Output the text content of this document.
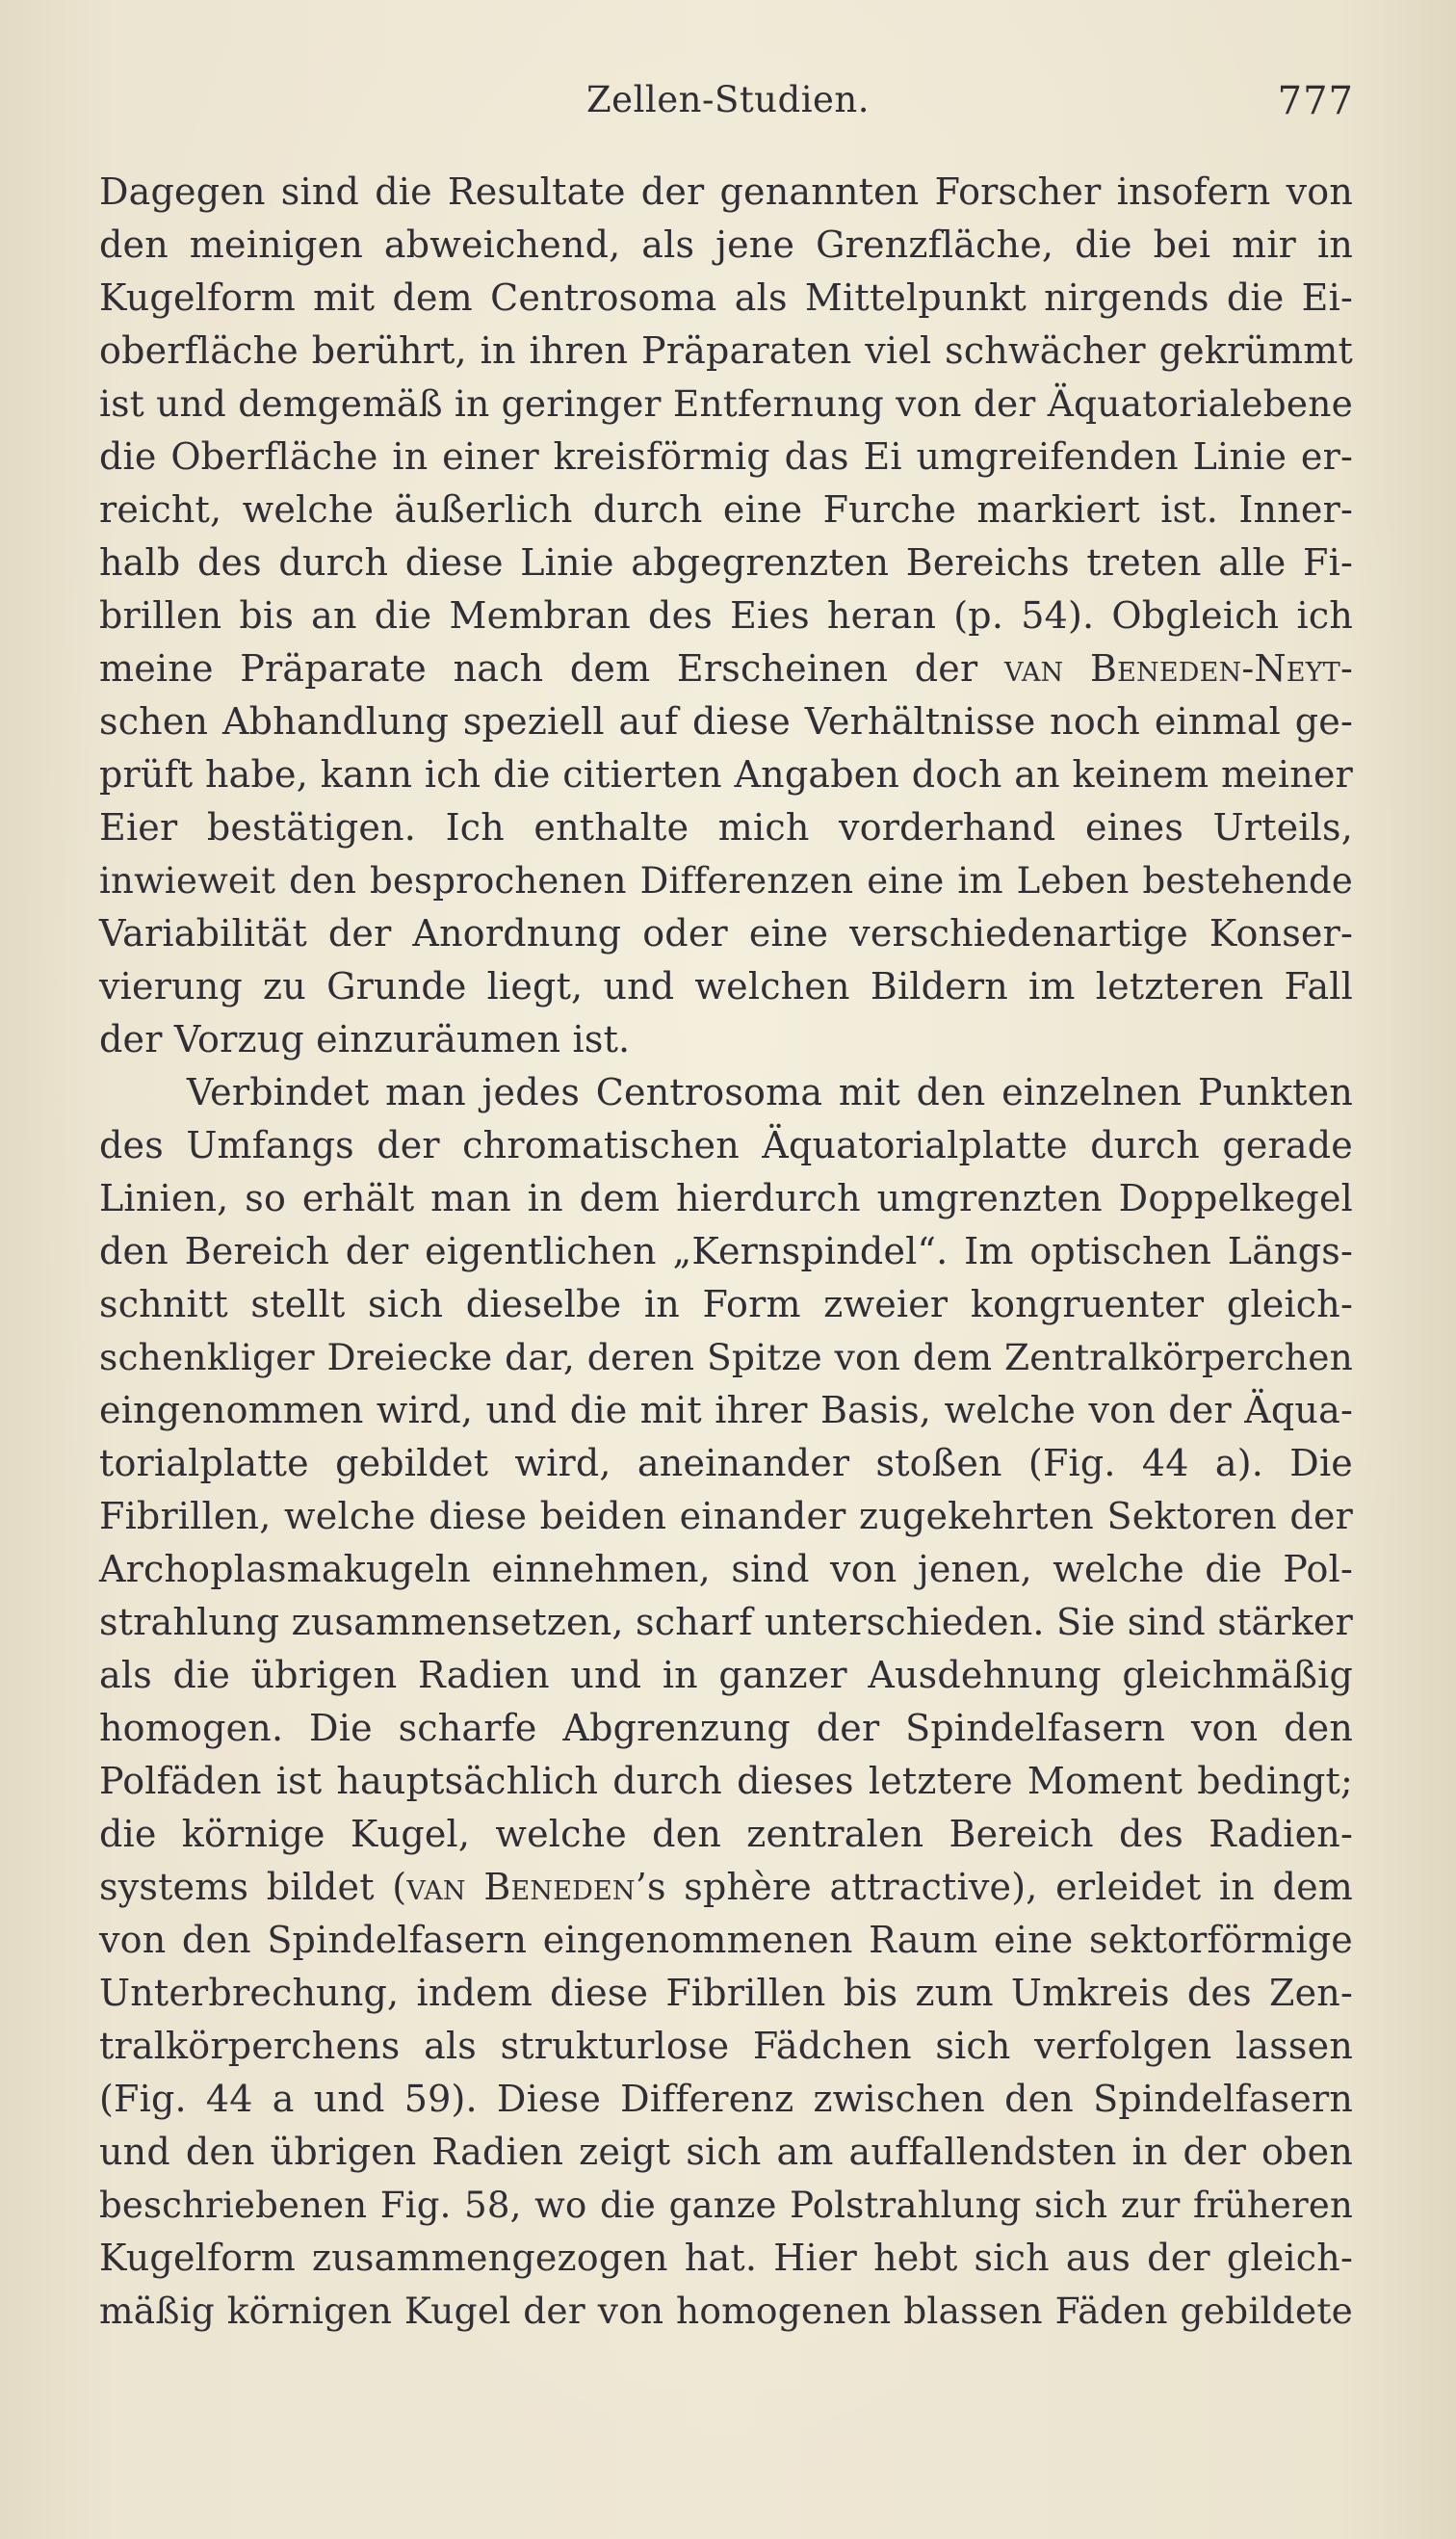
Zellen-Studien.	777
Dagegen sind die Resultate der genannten Forscher insofern von
den meinigen abweichend, als jene Grenzfläche, die bei mir in
Kugelform mit dem Centrosoma als Mittelpunkt nirgends die Ei-
oberfläche berührt, in ihren Präparaten viel schwächer gekrümmt
ist und demgemäß in geringer Entfernung von der Äquatorialebene
die Oberfläche in einer kreisförmig das Ei umgreifenden Linie er-
reicht, welche äußerlich durch eine Furche markiert ist. Inner-
halb des durch diese Linie abgegrenzten Bereichs treten alle Fi-
brillen bis an die Membran des Eies heran (p. 54). Obgleich ich
meine Präparate nach dem Erscheinen der van Beneden-Neyt-
schen Abhandlung speziell auf diese Verhältnisse noch einmal ge-
prüft habe, kann ich die citierten Angaben doch an keinem meiner
Eier bestätigen. Ich enthalte mich vorderhand eines Urteils,
inwieweit den besprochenen Differenzen eine im Leben bestehende
Variabilität der Anordnung oder eine verschiedenartige Konser-
vierung zu Grunde liegt, und welchen Bildern im letzteren Fall
der Vorzug einzuräumen ist.
Verbindet man jedes Centrosoma mit den einzelnen Punkten
des Umfangs der chromatischen Äquatorialplatte durch gerade
Linien, so erhält man in dem hierdurch umgrenzten Doppelkegel
den Bereich der eigentlichen „Kernspindel“. Im optischen Längs-
schnitt stellt sich dieselbe in Form zweier kongruenter gleich-
schenkliger Dreiecke dar, deren Spitze von dem Zentralkörperchen
eingenommen wird, und die mit ihrer Basis, welche von der Äqua-
torialplatte gebildet wird, aneinander stoßen (Fig. 44 a). Die
Fibrillen, welche diese beiden einander zugekehrten Sektoren der
Archoplasmakugeln einnehmen, sind von jenen, welche die Pol-
strahlung zusammensetzen, scharf unterschieden. Sie sind stärker
als die übrigen Radien und in ganzer Ausdehnung gleichmäßig
homogen. Die scharfe Abgrenzung der Spindelfasern von den
Polfäden ist hauptsächlich durch dieses letztere Moment bedingt;
die körnige Kugel, welche den zentralen Bereich des Radien-
systems bildet (van Beneden’s sphère attractive), erleidet in dem
von den Spindelfasern eingenommenen Raum eine sektorförmige
Unterbrechung, indem diese Fibrillen bis zum Umkreis des Zen-
tralkörperchens als strukturlose Fädchen sich verfolgen lassen
(Fig. 44 a und 59). Diese Differenz zwischen den Spindelfasern
und den übrigen Radien zeigt sich am auffallendsten in der oben
beschriebenen Fig. 58, wo die ganze Polstrahlung sich zur früheren
Kugelform zusammengezogen hat. Hier hebt sich aus der gleich-
mäßig körnigen Kugel der von homogenen blassen Fäden gebildete
